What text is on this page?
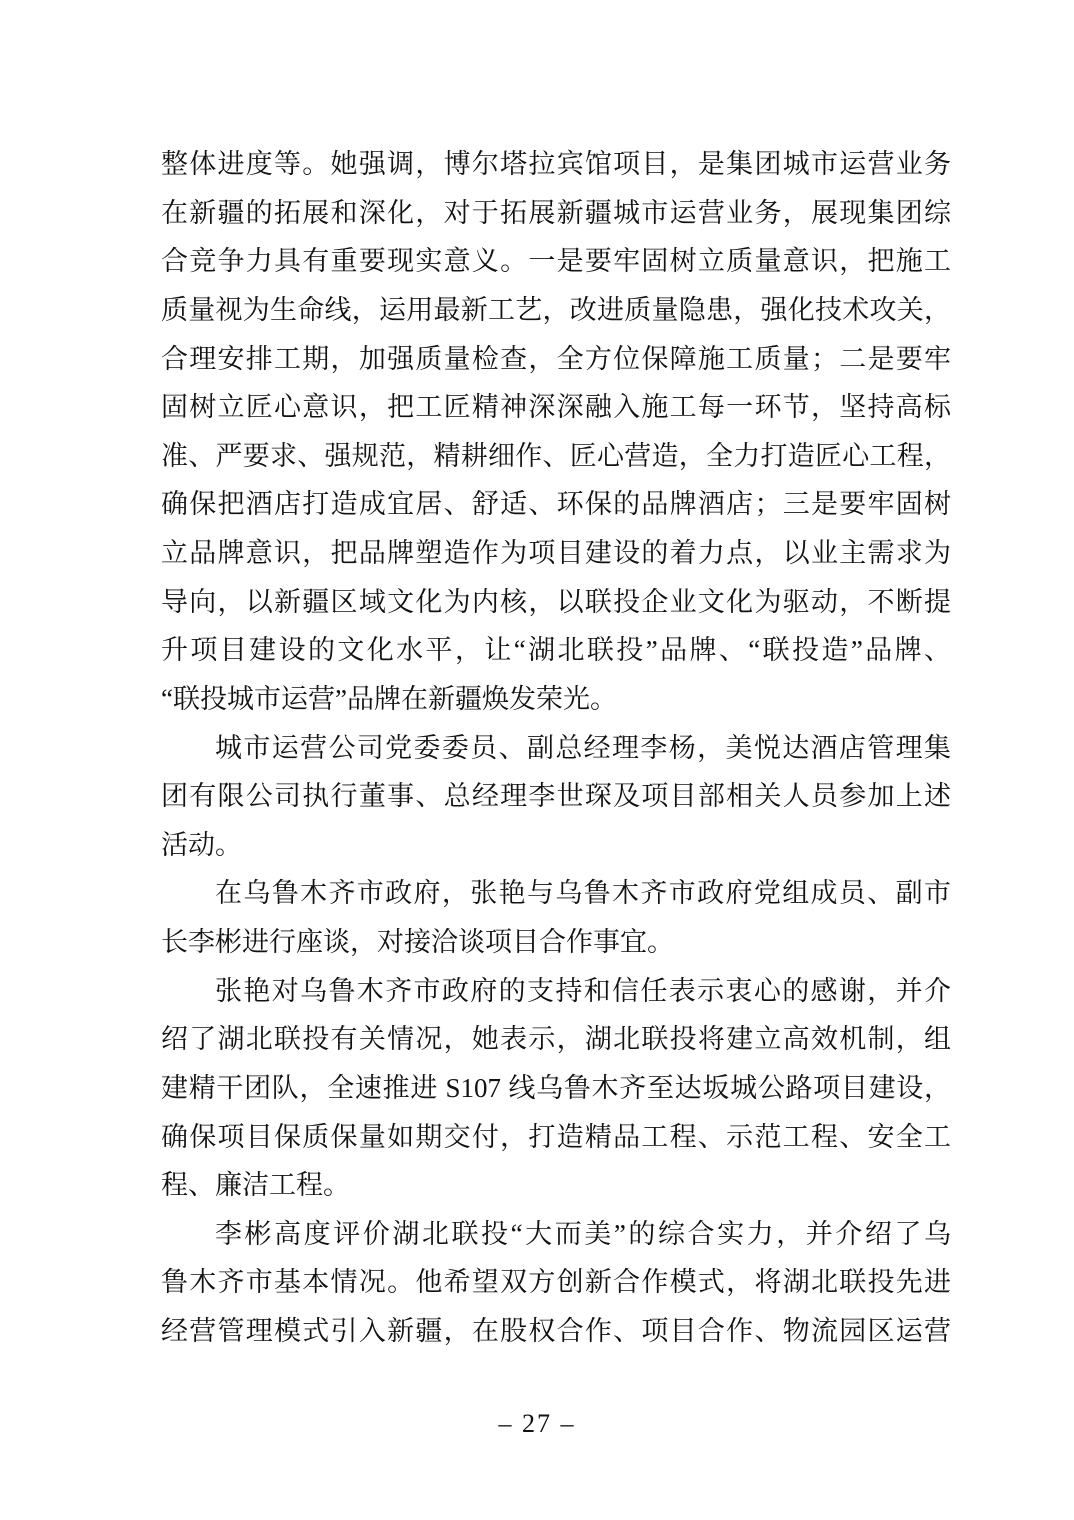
整体进度等。她强调，博尔塔拉宾馆项目，是集团城市运营业务
在新疆的拓展和深化，对于拓展新疆城市运营业务，展现集团综
合竞争力具有重要现实意义。一是要牢固树立质量意识，把施工
质量视为生命线，运用最新工艺，改进质量隐患，强化技术攻关，
合理安排工期，加强质量检查，全方位保障施工质量；二是要牢
固树立匠心意识，把工匠精神深深融入施工每一环节，坚持高标
准、严要求、强规范，精耕细作、匠心营造，全力打造匠心工程，
确保把酒店打造成宜居、舒适、环保的品牌酒店；三是要牢固树
立品牌意识，把品牌塑造作为项目建设的着力点，以业主需求为
导向，以新疆区域文化为内核，以联投企业文化为驱动，不断提
升项目建设的文化水平，让“湖北联投”品牌、“联投造”品牌、
“联投城市运营”品牌在新疆焕发荣光。
城市运营公司党委委员、副总经理李杨，美悦达酒店管理集
团有限公司执行董事、总经理李世琛及项目部相关人员参加上述
活动。
在乌鲁木齐市政府，张艳与乌鲁木齐市政府党组成员、副市
长李彬进行座谈，对接洽谈项目合作事宜。
张艳对乌鲁木齐市政府的支持和信任表示衷心的感谢，并介
绍了湖北联投有关情况，她表示，湖北联投将建立高效机制，组
建精干团队，全速推进 S107 线乌鲁木齐至达坂城公路项目建设，
确保项目保质保量如期交付，打造精品工程、示范工程、安全工
程、廉洁工程。
李彬高度评价湖北联投“大而美”的综合实力，并介绍了乌
鲁木齐市基本情况。他希望双方创新合作模式，将湖北联投先进
经营管理模式引入新疆，在股权合作、项目合作、物流园区运营
– 27 –
